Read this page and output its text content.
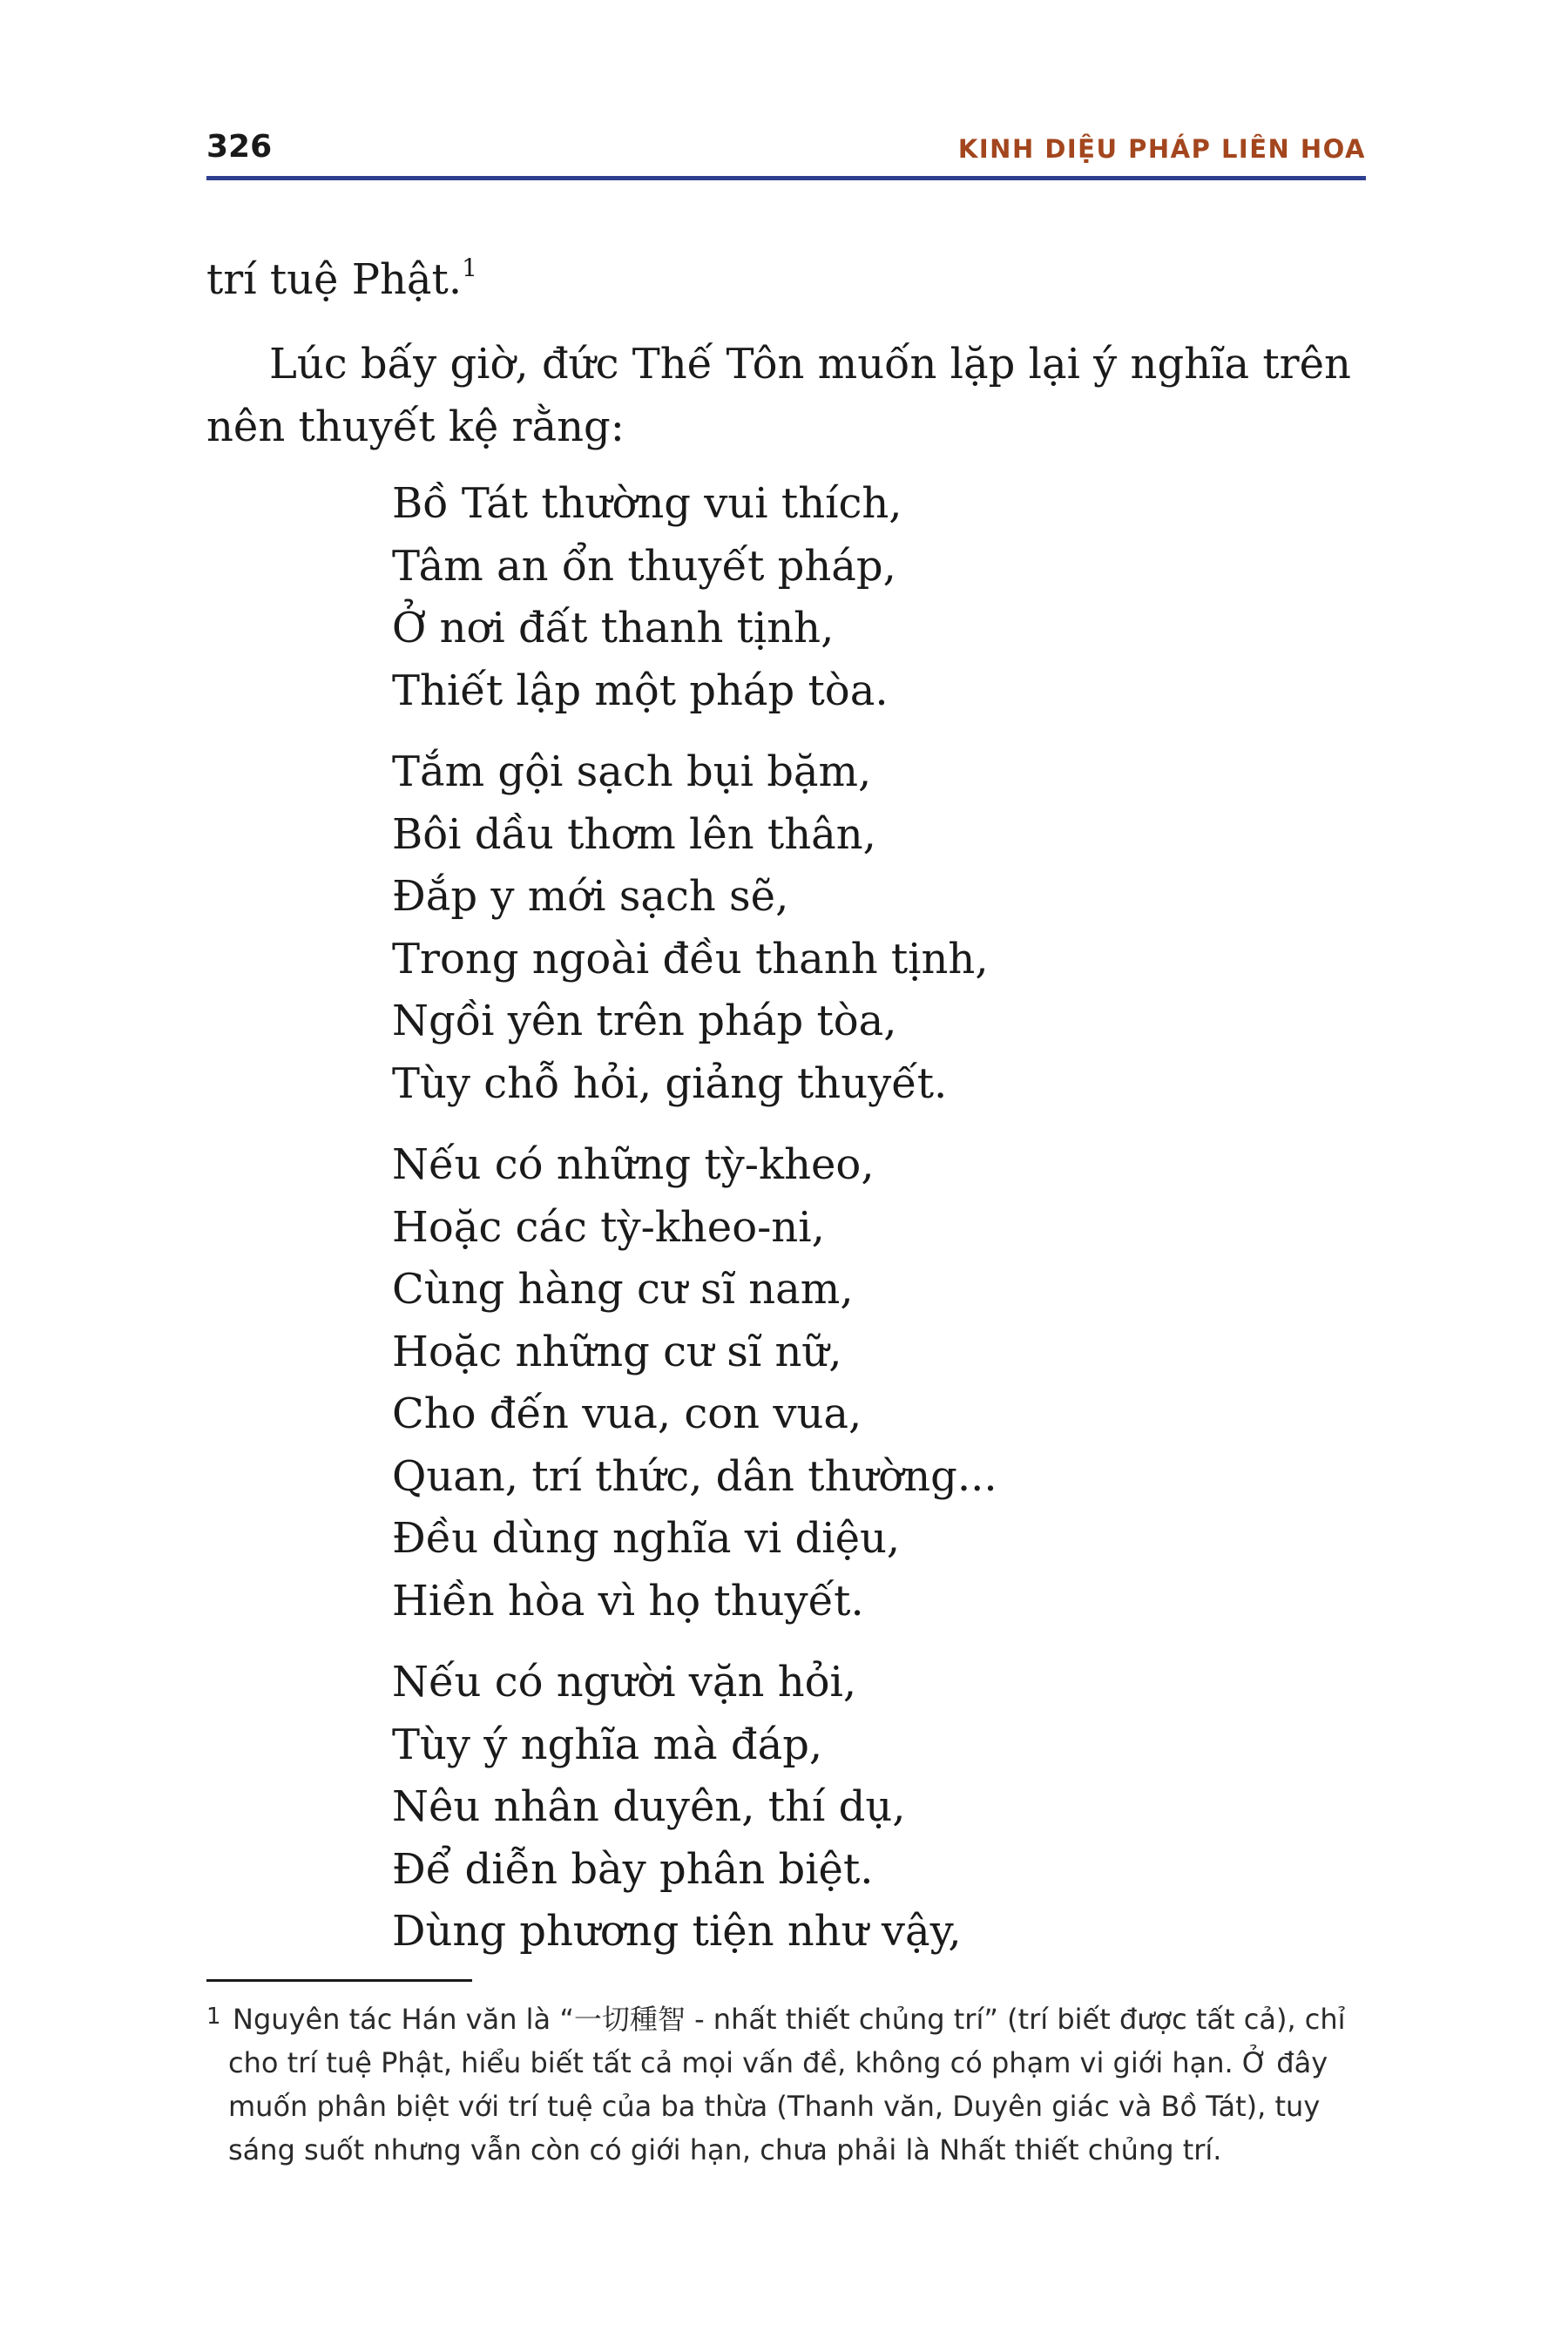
326	KINH DIỆU PHÁP LIÊN HOA

trí tuệ Phật.$^1$

Lúc bấy giờ, đức Thế Tôn muốn lặp lại ý nghĩa trên
nên thuyết kệ rằng:

Bồ Tát thường vui thích,
Tâm an ổn thuyết pháp,
Ở nơi đất thanh tịnh,
Thiết lập một pháp tòa.
Tắm gội sạch bụi bặm,
Bôi dầu thơm lên thân,
Đắp y mới sạch sẽ,
Trong ngoài đều thanh tịnh,
Ngồi yên trên pháp tòa,
Tùy chỗ hỏi, giảng thuyết.
Nếu có những tỳ-kheo,
Hoặc các tỳ-kheo-ni,
Cùng hàng cư sĩ nam,
Hoặc những cư sĩ nữ,
Cho đến vua, con vua,
Quan, trí thức, dân thường...
Đều dùng nghĩa vi diệu,
Hiền hòa vì họ thuyết.
Nếu có người vặn hỏi,
Tùy ý nghĩa mà đáp,
Nêu nhân duyên, thí dụ,
Để diễn bày phân biệt.
Dùng phương tiện như vậy,
1 Nguyên tác Hán văn là “一切種智 - nhất thiết chủng trí” (trí biết được tất cả), chỉ
cho trí tuệ Phật, hiểu biết tất cả mọi vấn đề, không có phạm vi giới hạn. Ở đây
muốn phân biệt với trí tuệ của ba thừa (Thanh văn, Duyên giác và Bồ Tát), tuy
sáng suốt nhưng vẫn còn có giới hạn, chưa phải là Nhất thiết chủng trí.
